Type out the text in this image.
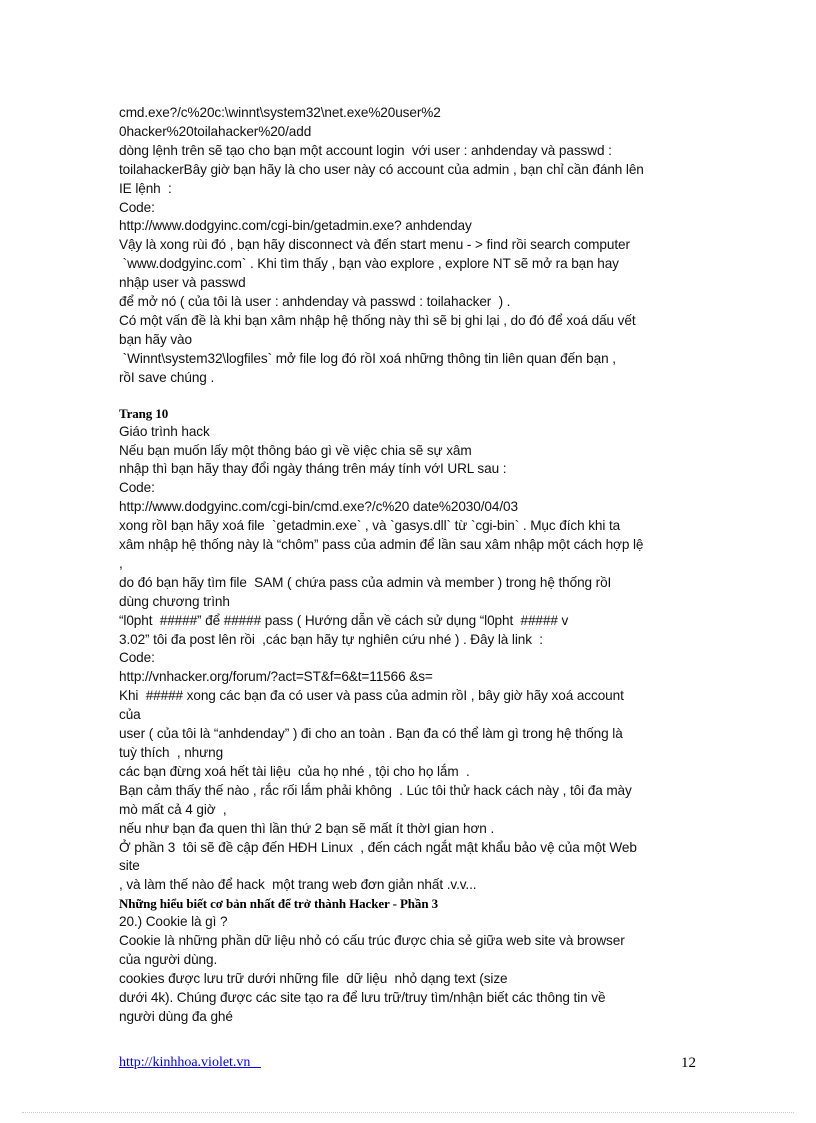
cmd.exe?/c%20c:\winnt\system32\net.exe%20user%2
0hacker%20toilahacker%20/add
dòng lệnh trên sẽ tạo cho bạn một account login  với user : anhdenday và passwd :
toilahackerBây giờ bạn hãy là cho user này có account của admin , bạn chỉ cần đánh lên
IE lệnh  :
Code:
http://www.dodgyinc.com/cgi-bin/getadmin.exe? anhdenday
Vậy là xong rùi đó , bạn hãy disconnect và đến start menu - > find rồi search computer
`www.dodgyinc.com` . Khi tìm thấy , bạn vào explore , explore NT sẽ mở ra bạn hay
nhập user và passwd
để mở nó ( của tôi là user : anhdenday và passwd : toilahacker  ) .
Có một vấn đề là khi bạn xâm nhập hệ thống này thì sẽ bị ghi lại , do đó để xoá dấu vết
bạn hãy vào
`Winnt\system32\logfiles` mở file log đó rồI xoá những thông tin liên quan đến bạn ,
rồI save chúng .
Trang 10
Giáo trình hack
Nếu bạn muốn lấy một thông báo gì về việc chia sẽ sự xâm
nhập thì bạn hãy thay đổi ngày tháng trên máy tính vớI URL sau :
Code:
http://www.dodgyinc.com/cgi-bin/cmd.exe?/c%20 date%2030/04/03
xong rồI bạn hãy xoá file  `getadmin.exe` , và `gasys.dll` từ `cgi-bin` . Mục đích khi ta
xâm nhập hệ thống này là “chôm” pass của admin để lần sau xâm nhập một cách hợp lệ
,
do đó bạn hãy tìm file  SAM ( chứa pass của admin và member ) trong hệ thống rồI
dùng chương trình
“l0pht  #####” để ##### pass ( Hướng dẫn về cách sử dụng “l0pht  ##### v
3.02” tôi đa post lên rồi  ,các bạn hãy tự nghiên cứu nhé ) . Đây là link  :
Code:
http://vnhacker.org/forum/?act=ST&f=6&t=11566 &s=
Khi  ##### xong các bạn đa có user và pass của admin rồI , bây giờ hãy xoá account
của
user ( của tôi là “anhdenday” ) đi cho an toàn . Bạn đa có thể làm gì trong hệ thống là
tuỳ thích  , nhưng
các bạn đừng xoá hết tài liệu  của họ nhé , tội cho họ lắm  .
Bạn cảm thấy thế nào , rắc rối lắm phải không  . Lúc tôi thử hack cách này , tôi đa mày
mò mất cả 4 giờ  ,
nếu như bạn đa quen thì lần thứ 2 bạn sẽ mất ít thờI gian hơn .
Ở phần 3  tôi sẽ đề cập đến HĐH Linux  , đến cách ngắt mật khẩu bảo vệ của một Web
site
, và làm thế nào để hack  một trang web đơn giản nhất .v.v...
Những hiểu biết cơ bản nhất để trở thành Hacker - Phần 3
20.) Cookie là gì ?
Cookie là những phần dữ liệu nhỏ có cấu trúc được chia sẻ giữa web site và browser
của người dùng.
cookies được lưu trữ dưới những file  dữ liệu  nhỏ dạng text (size
dưới 4k). Chúng được các site tạo ra để lưu trữ/truy tìm/nhận biết các thông tin về
người dùng đa ghé
http://kinhhoa.violet.vn	12
